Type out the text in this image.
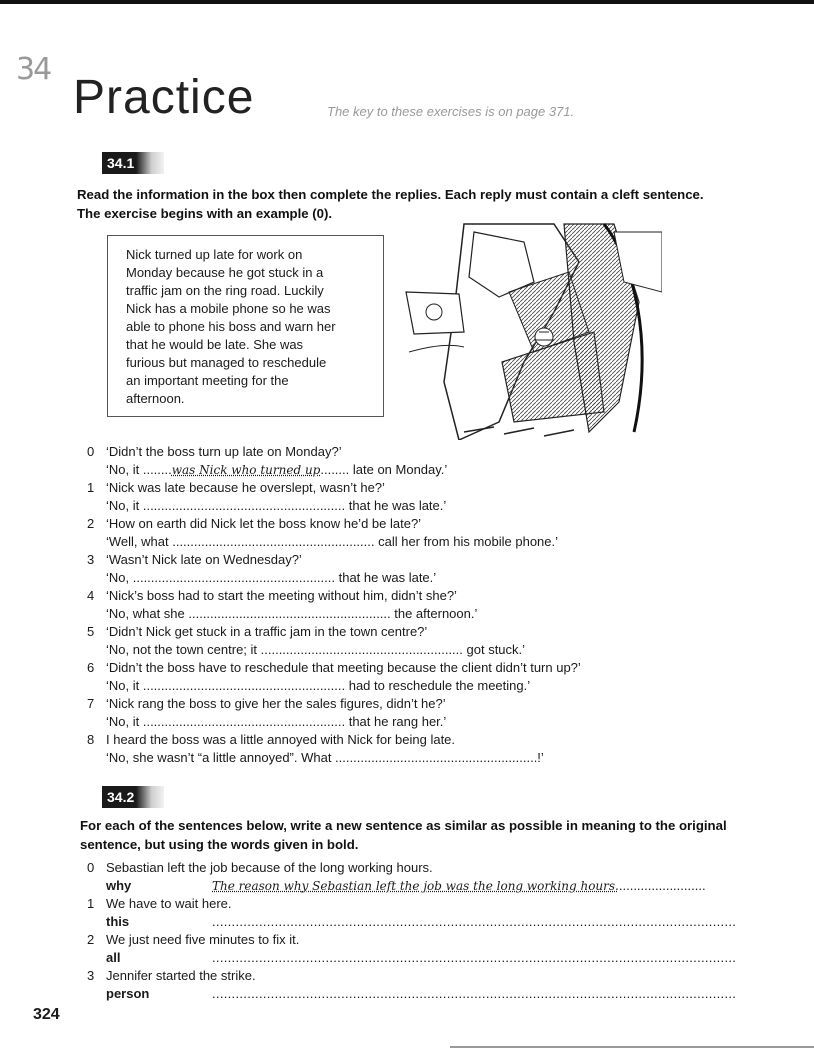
34
Practice	The key to these exercises is on page 371.
34.1
Read the information in the box then complete the replies. Each reply must contain a cleft sentence. The exercise begins with an example (0).
Nick turned up late for work on
Monday because he got stuck in a
traffic jam on the ring road. Luckily
Nick has a mobile phone so he was
able to phone his boss and warn her
that he would be late. She was
furious but managed to reschedule
an important meeting for the
afternoon.
0 ‘Didn’t the boss turn up late on Monday?’
‘No, it ........was Nick who turned up........ late on Monday.’
1 ‘Nick was late because he overslept, wasn’t he?’
‘No, it ........................................................ that he was late.’
2 ‘How on earth did Nick let the boss know he’d be late?’
‘Well, what ........................................................ call her from his mobile phone.’
3 ‘Wasn’t Nick late on Wednesday?’
‘No, ........................................................ that he was late.’
4 ‘Nick’s boss had to start the meeting without him, didn’t she?’
‘No, what she ........................................................ the afternoon.’
5 ‘Didn’t Nick get stuck in a traffic jam in the town centre?’
‘No, not the town centre; it ........................................................ got stuck.’
6 ‘Didn’t the boss have to reschedule that meeting because the client didn’t turn up?’
‘No, it ........................................................ had to reschedule the meeting.’
7 ‘Nick rang the boss to give her the sales figures, didn’t he?’
‘No, it ........................................................ that he rang her.’
8 I heard the boss was a little annoyed with Nick for being late.
‘No, she wasn’t “a little annoyed”. What ........................................................!’
34.2
For each of the sentences below, write a new sentence as similar as possible in meaning to the original sentence, but using the words given in bold.
0 Sebastian left the job because of the long working hours.
why	The reason why Sebastian left the job was the long working hours.........................
1 We have to wait here.
this	......................................................................................................................................
2 We just need five minutes to fix it.
all	......................................................................................................................................
3 Jennifer started the strike.
person	......................................................................................................................................
324
